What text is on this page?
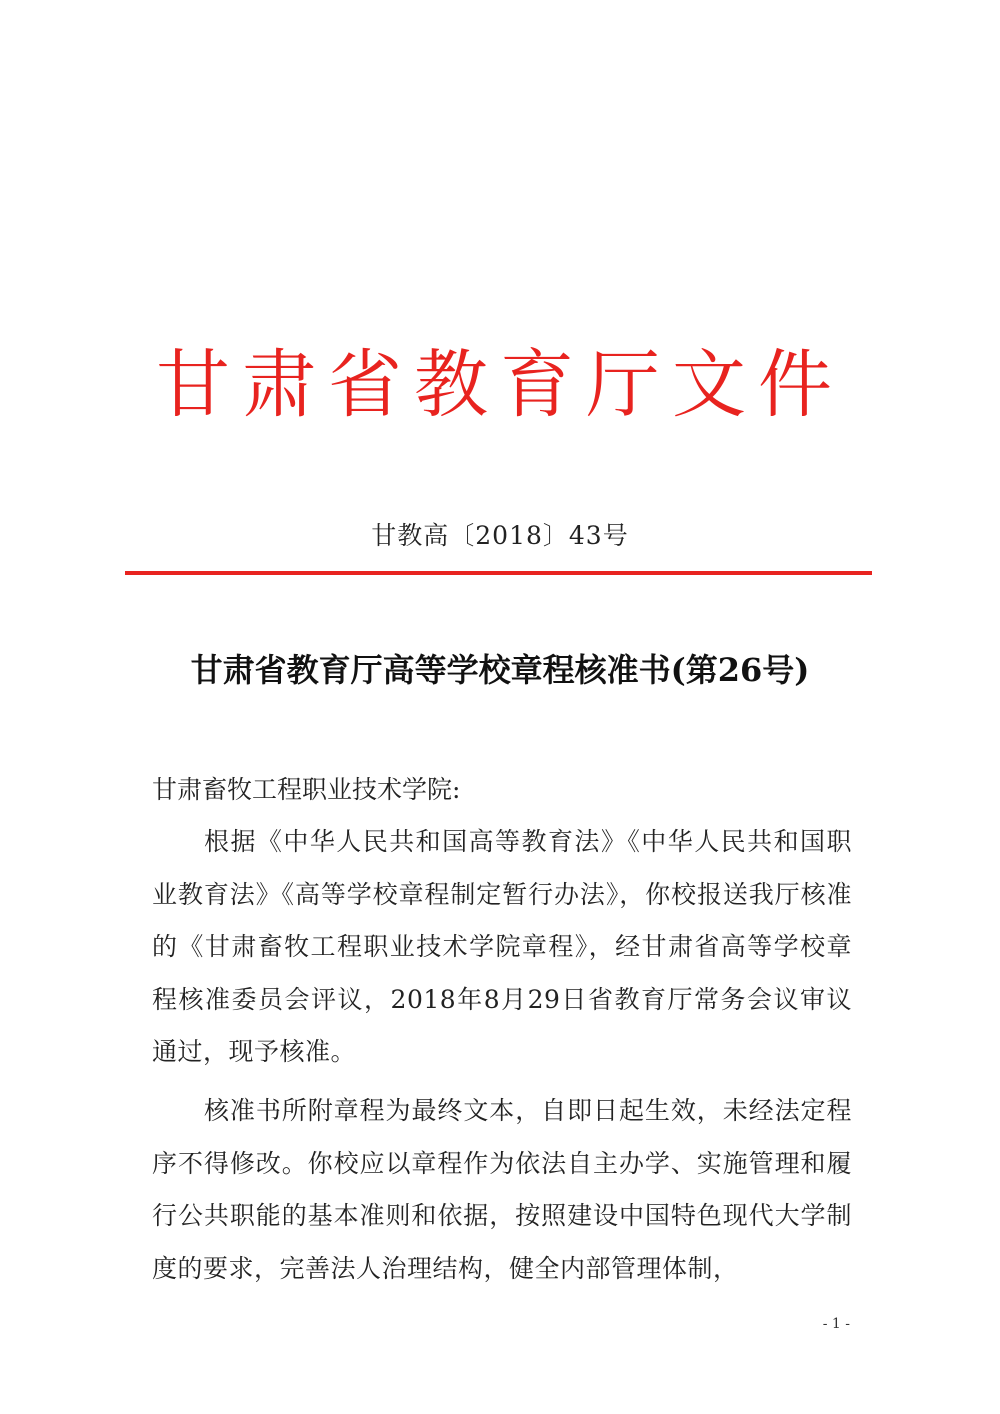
甘肃省教育厅文件
甘教高〔2018〕43号
甘肃省教育厅高等学校章程核准书(第26号)
甘肃畜牧工程职业技术学院:
根据《中华人民共和国高等教育法》《中华人民共和国职业教育法》《高等学校章程制定暂行办法》，你校报送我厅核准的《甘肃畜牧工程职业技术学院章程》，经甘肃省高等学校章程核准委员会评议，2018年8月29日省教育厅常务会议审议通过，现予核准。
核准书所附章程为最终文本，自即日起生效，未经法定程序不得修改。你校应以章程作为依法自主办学、实施管理和履行公共职能的基本准则和依据，按照建设中国特色现代大学制度的要求，完善法人治理结构，健全内部管理体制，
- 1 -
